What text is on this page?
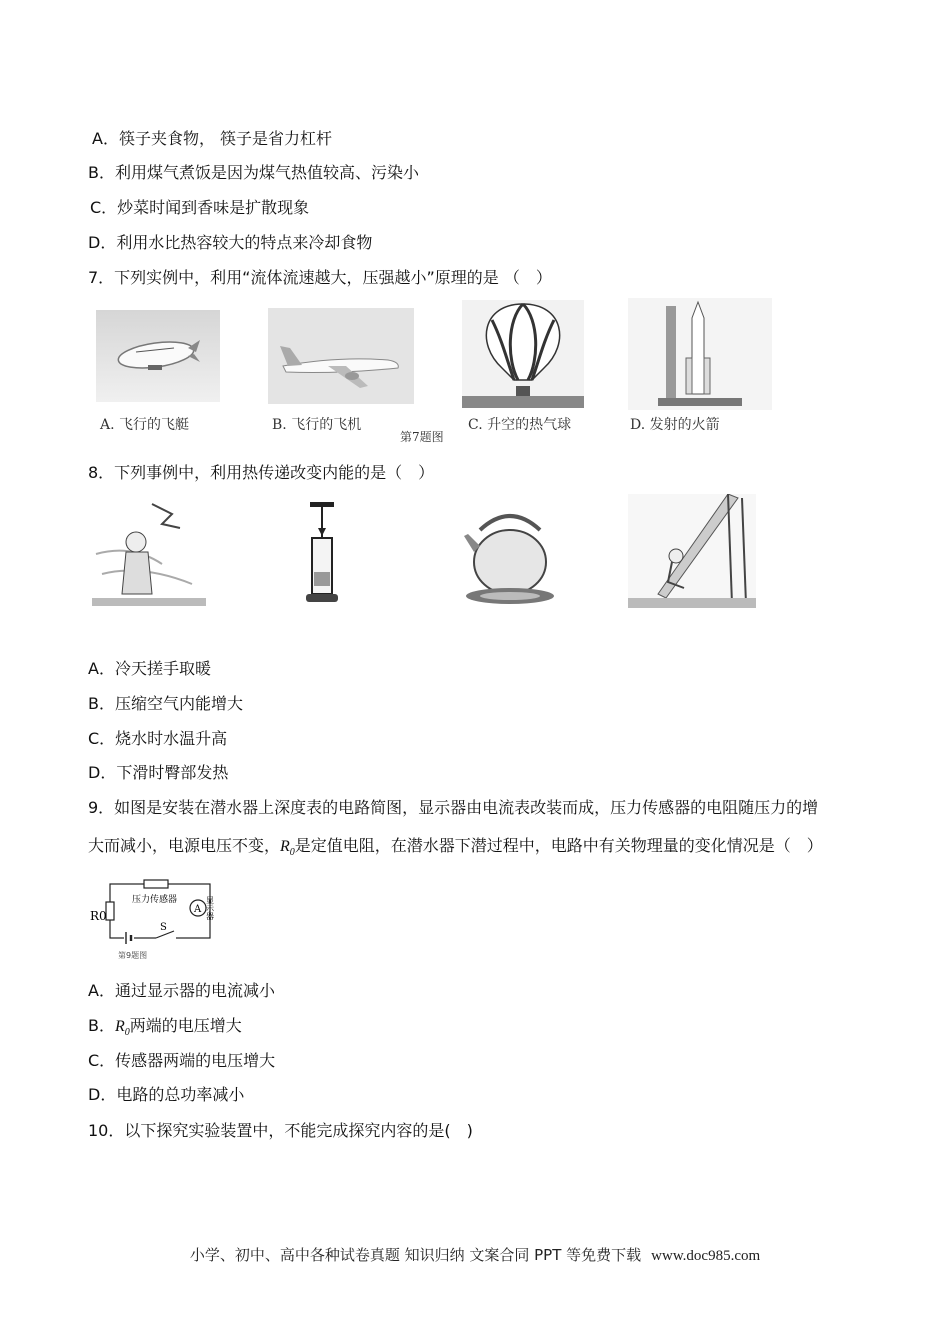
A．筷子夹食物， 筷子是省力杠杆
B．利用煤气煮饭是因为煤气热值较高、污染小
C．炒菜时闻到香味是扩散现象
D．利用水比热容较大的特点来冷却食物
7．下列实例中，利用“流体流速越大，压强越小”原理的是 （　）
A. 飞行的飞艇	B. 飞行的飞机
第7题图
C. 升空的热气球	D. 发射的火箭
8．下列事例中，利用热传递改变内能的是（　）
A．冷天搓手取暖
B．压缩空气内能增大
C．烧水时水温升高
D．下滑时臀部发热
9．如图是安装在潜水器上深度表的电路简图，显示器由电流表改装而成，压力传感器的电阻随压力的增
大而减小，电源电压不变，$R_0$是定值电阻，在潜水器下潜过程中，电路中有关物理量的变化情况是（　）
R0
压力传感器
A 显示器
S
第9题图
A．通过显示器的电流减小
B．$R_0$两端的电压增大
C．传感器两端的电压增大
D．电路的总功率减小
10．以下探究实验装置中，不能完成探究内容的是(　)
小学、初中、高中各种试卷真题 知识归纳 文案合同 PPT 等免费下载 www.doc985.com
